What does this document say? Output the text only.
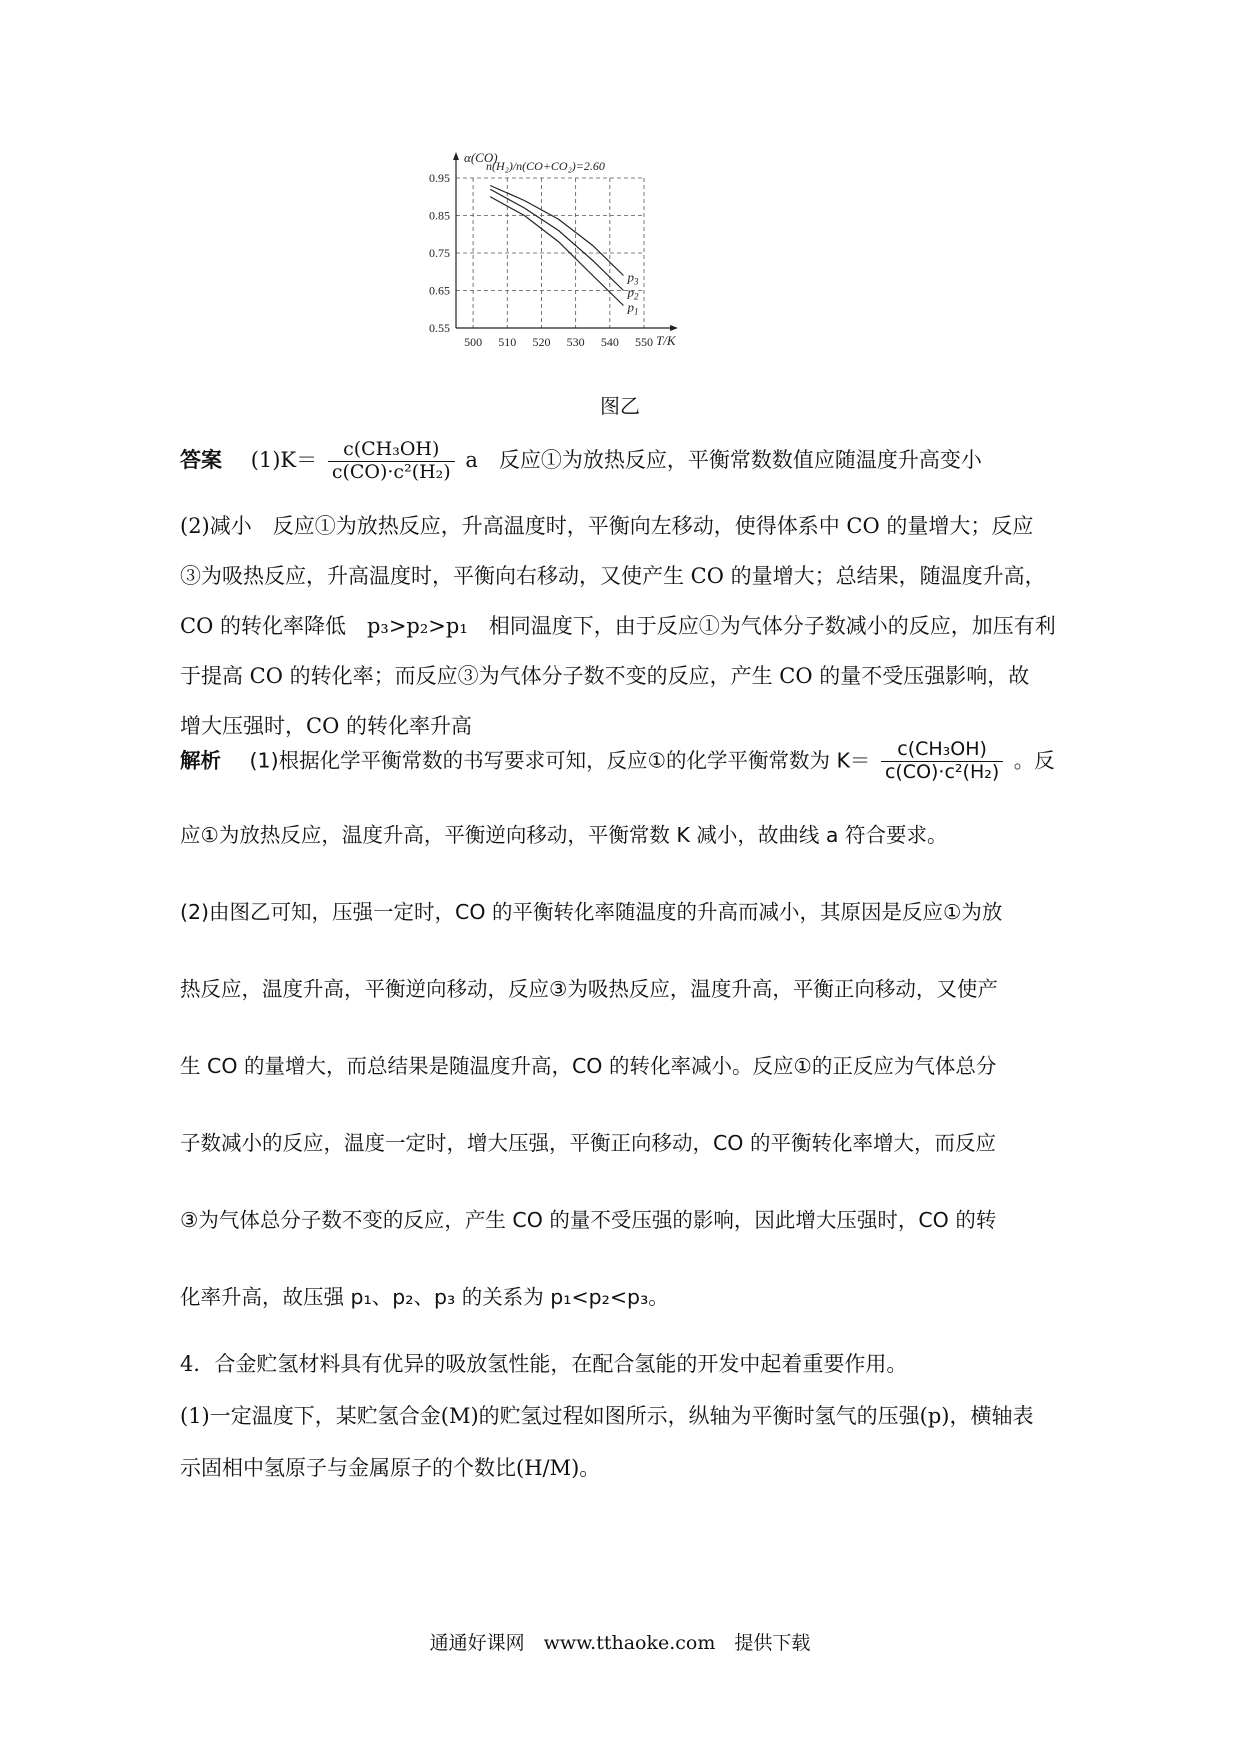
500 510 520 530 540 550
0.95
0.85
0.75
0.65
0.55
$p_3$
$p_2$
$p_1$
α(CO)
T/K
n(H₂)/n(CO+CO₂)=2.60
图乙
答案 $(1)K= \frac{\text{c(CH₃OH)}}{\text{c(CO)·c²(H₂)}}$ a　反应①为放热反应，平衡常数数值应随温度升高变小
(2)减小　反应①为放热反应，升高温度时，平衡向左移动，使得体系中 CO 的量增大；反应
③为吸热反应，升高温度时，平衡向右移动，又使产生 CO 的量增大；总结果，随温度升高，
CO 的转化率降低　p₃>p₂>p₁　相同温度下，由于反应①为气体分子数减小的反应，加压有利
于提高 CO 的转化率；而反应③为气体分子数不变的反应，产生 CO 的量不受压强影响，故
增大压强时，CO 的转化率升高
解析 (1)根据化学平衡常数的书写要求可知，反应①的化学平衡常数为 $K= \frac{\text{c(CH₃OH)}}{\text{c(CO)·c²(H₂)}}$ 。反
应①为放热反应，温度升高，平衡逆向移动，平衡常数 K 减小，故曲线 a 符合要求。
(2)由图乙可知，压强一定时，CO 的平衡转化率随温度的升高而减小，其原因是反应①为放
热反应，温度升高，平衡逆向移动，反应③为吸热反应，温度升高，平衡正向移动，又使产
生 CO 的量增大，而总结果是随温度升高，CO 的转化率减小。反应①的正反应为气体总分
子数减小的反应，温度一定时，增大压强，平衡正向移动，CO 的平衡转化率增大，而反应
③为气体总分子数不变的反应，产生 CO 的量不受压强的影响，因此增大压强时，CO 的转
化率升高，故压强 p₁、p₂、p₃ 的关系为 p₁<p₂<p₃。
4．合金贮氢材料具有优异的吸放氢性能，在配合氢能的开发中起着重要作用。
(1)一定温度下，某贮氢合金(M)的贮氢过程如图所示，纵轴为平衡时氢气的压强(p)，横轴表
示固相中氢原子与金属原子的个数比(H/M)。
通通好课网　www.tthaoke.com　提供下载
